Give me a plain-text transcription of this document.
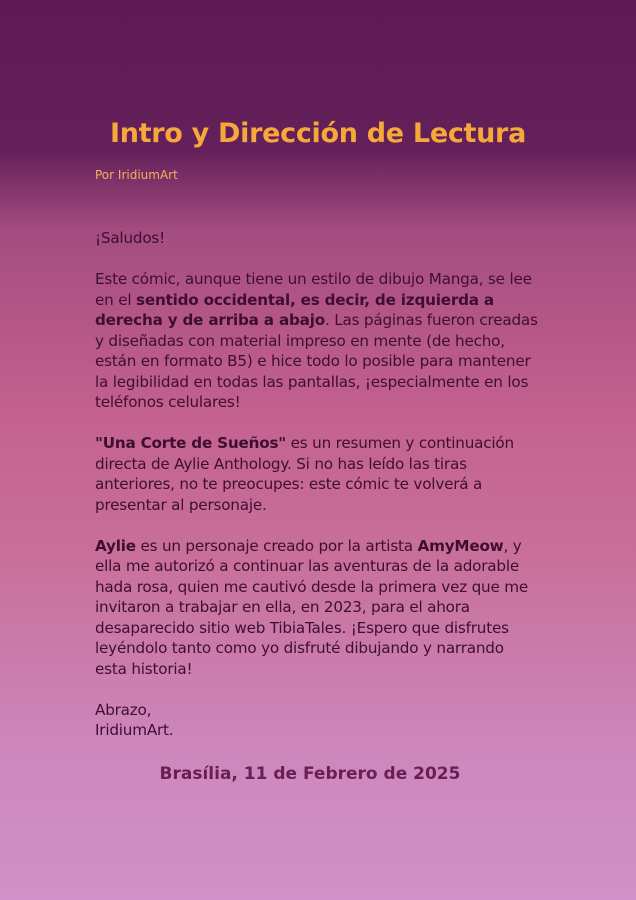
Intro y Dirección de Lectura
Por IridiumArt

¡Saludos!

Este cómic, aunque tiene un estilo de dibujo Manga, se lee en el sentido occidental, es decir, de izquierda a derecha y de arriba a abajo. Las páginas fueron creadas y diseñadas con material impreso en mente (de hecho, están en formato B5) e hice todo lo posible para mantener la legibilidad en todas las pantallas, ¡especialmente en los teléfonos celulares!

"Una Corte de Sueños" es un resumen y continuación directa de Aylie Anthology. Si no has leído las tiras anteriores, no te preocupes: este cómic te volverá a presentar al personaje.

Aylie es un personaje creado por la artista AmyMeow, y ella me autorizó a continuar las aventuras de la adorable hada rosa, quien me cautivó desde la primera vez que me invitaron a trabajar en ella, en 2023, para el ahora desaparecido sitio web TibiaTales. ¡Espero que disfrutes leyéndolo tanto como yo disfruté dibujando y narrando esta historia!

Abrazo,
IridiumArt.

Brasília, 11 de Febrero de 2025
